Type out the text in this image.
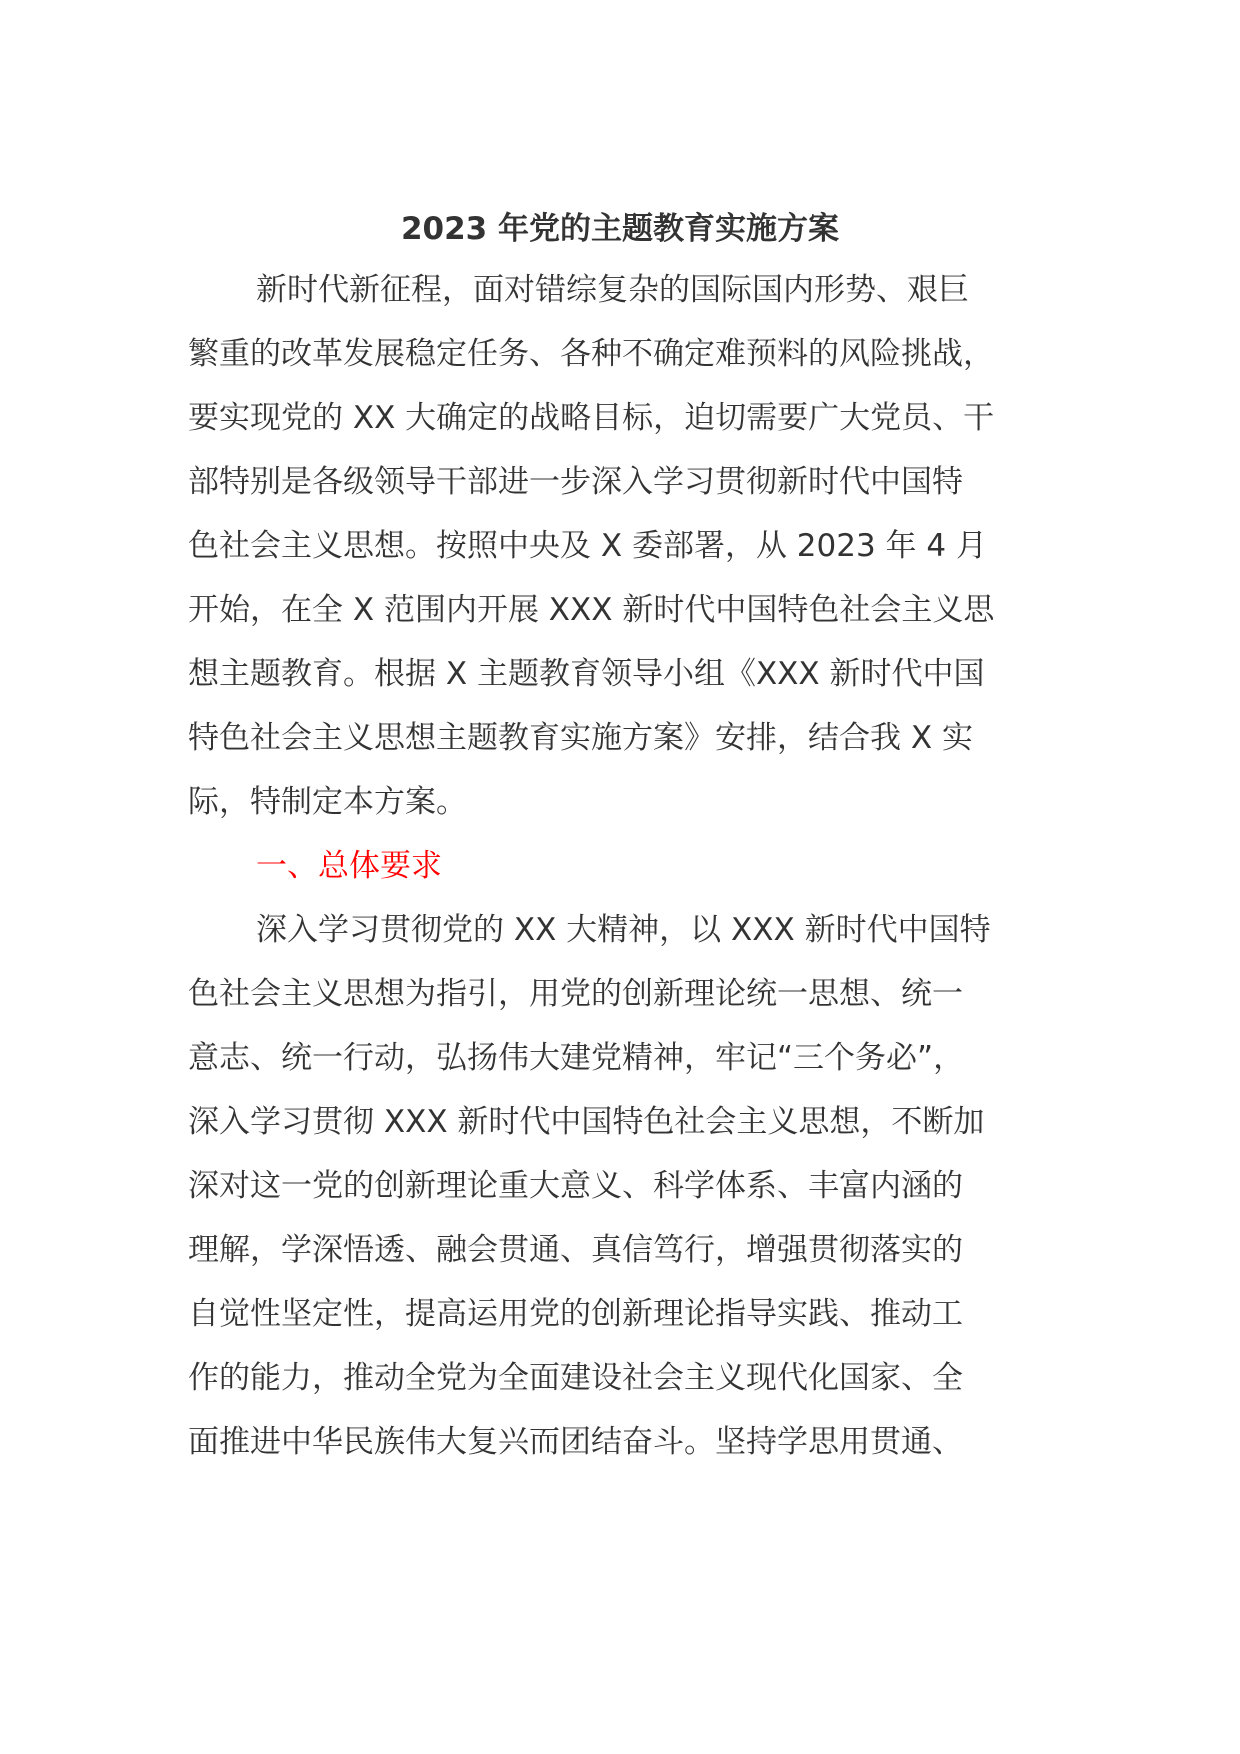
2023 年党的主题教育实施方案
新时代新征程，面对错综复杂的国际国内形势、艰巨
繁重的改革发展稳定任务、各种不确定难预料的风险挑战，
要实现党的 XX 大确定的战略目标，迫切需要广大党员、干
部特别是各级领导干部进一步深入学习贯彻新时代中国特
色社会主义思想。按照中央及 X 委部署，从 2023 年 4 月
开始，在全 X 范围内开展 XXX 新时代中国特色社会主义思
想主题教育。根据 X 主题教育领导小组《XXX 新时代中国
特色社会主义思想主题教育实施方案》安排，结合我 X 实
际，特制定本方案。
一、总体要求
深入学习贯彻党的 XX 大精神，以 XXX 新时代中国特
色社会主义思想为指引，用党的创新理论统一思想、统一
意志、统一行动，弘扬伟大建党精神，牢记“三个务必”，
深入学习贯彻 XXX 新时代中国特色社会主义思想，不断加
深对这一党的创新理论重大意义、科学体系、丰富内涵的
理解，学深悟透、融会贯通、真信笃行，增强贯彻落实的
自觉性坚定性，提高运用党的创新理论指导实践、推动工
作的能力，推动全党为全面建设社会主义现代化国家、全
面推进中华民族伟大复兴而团结奋斗。坚持学思用贯通、
